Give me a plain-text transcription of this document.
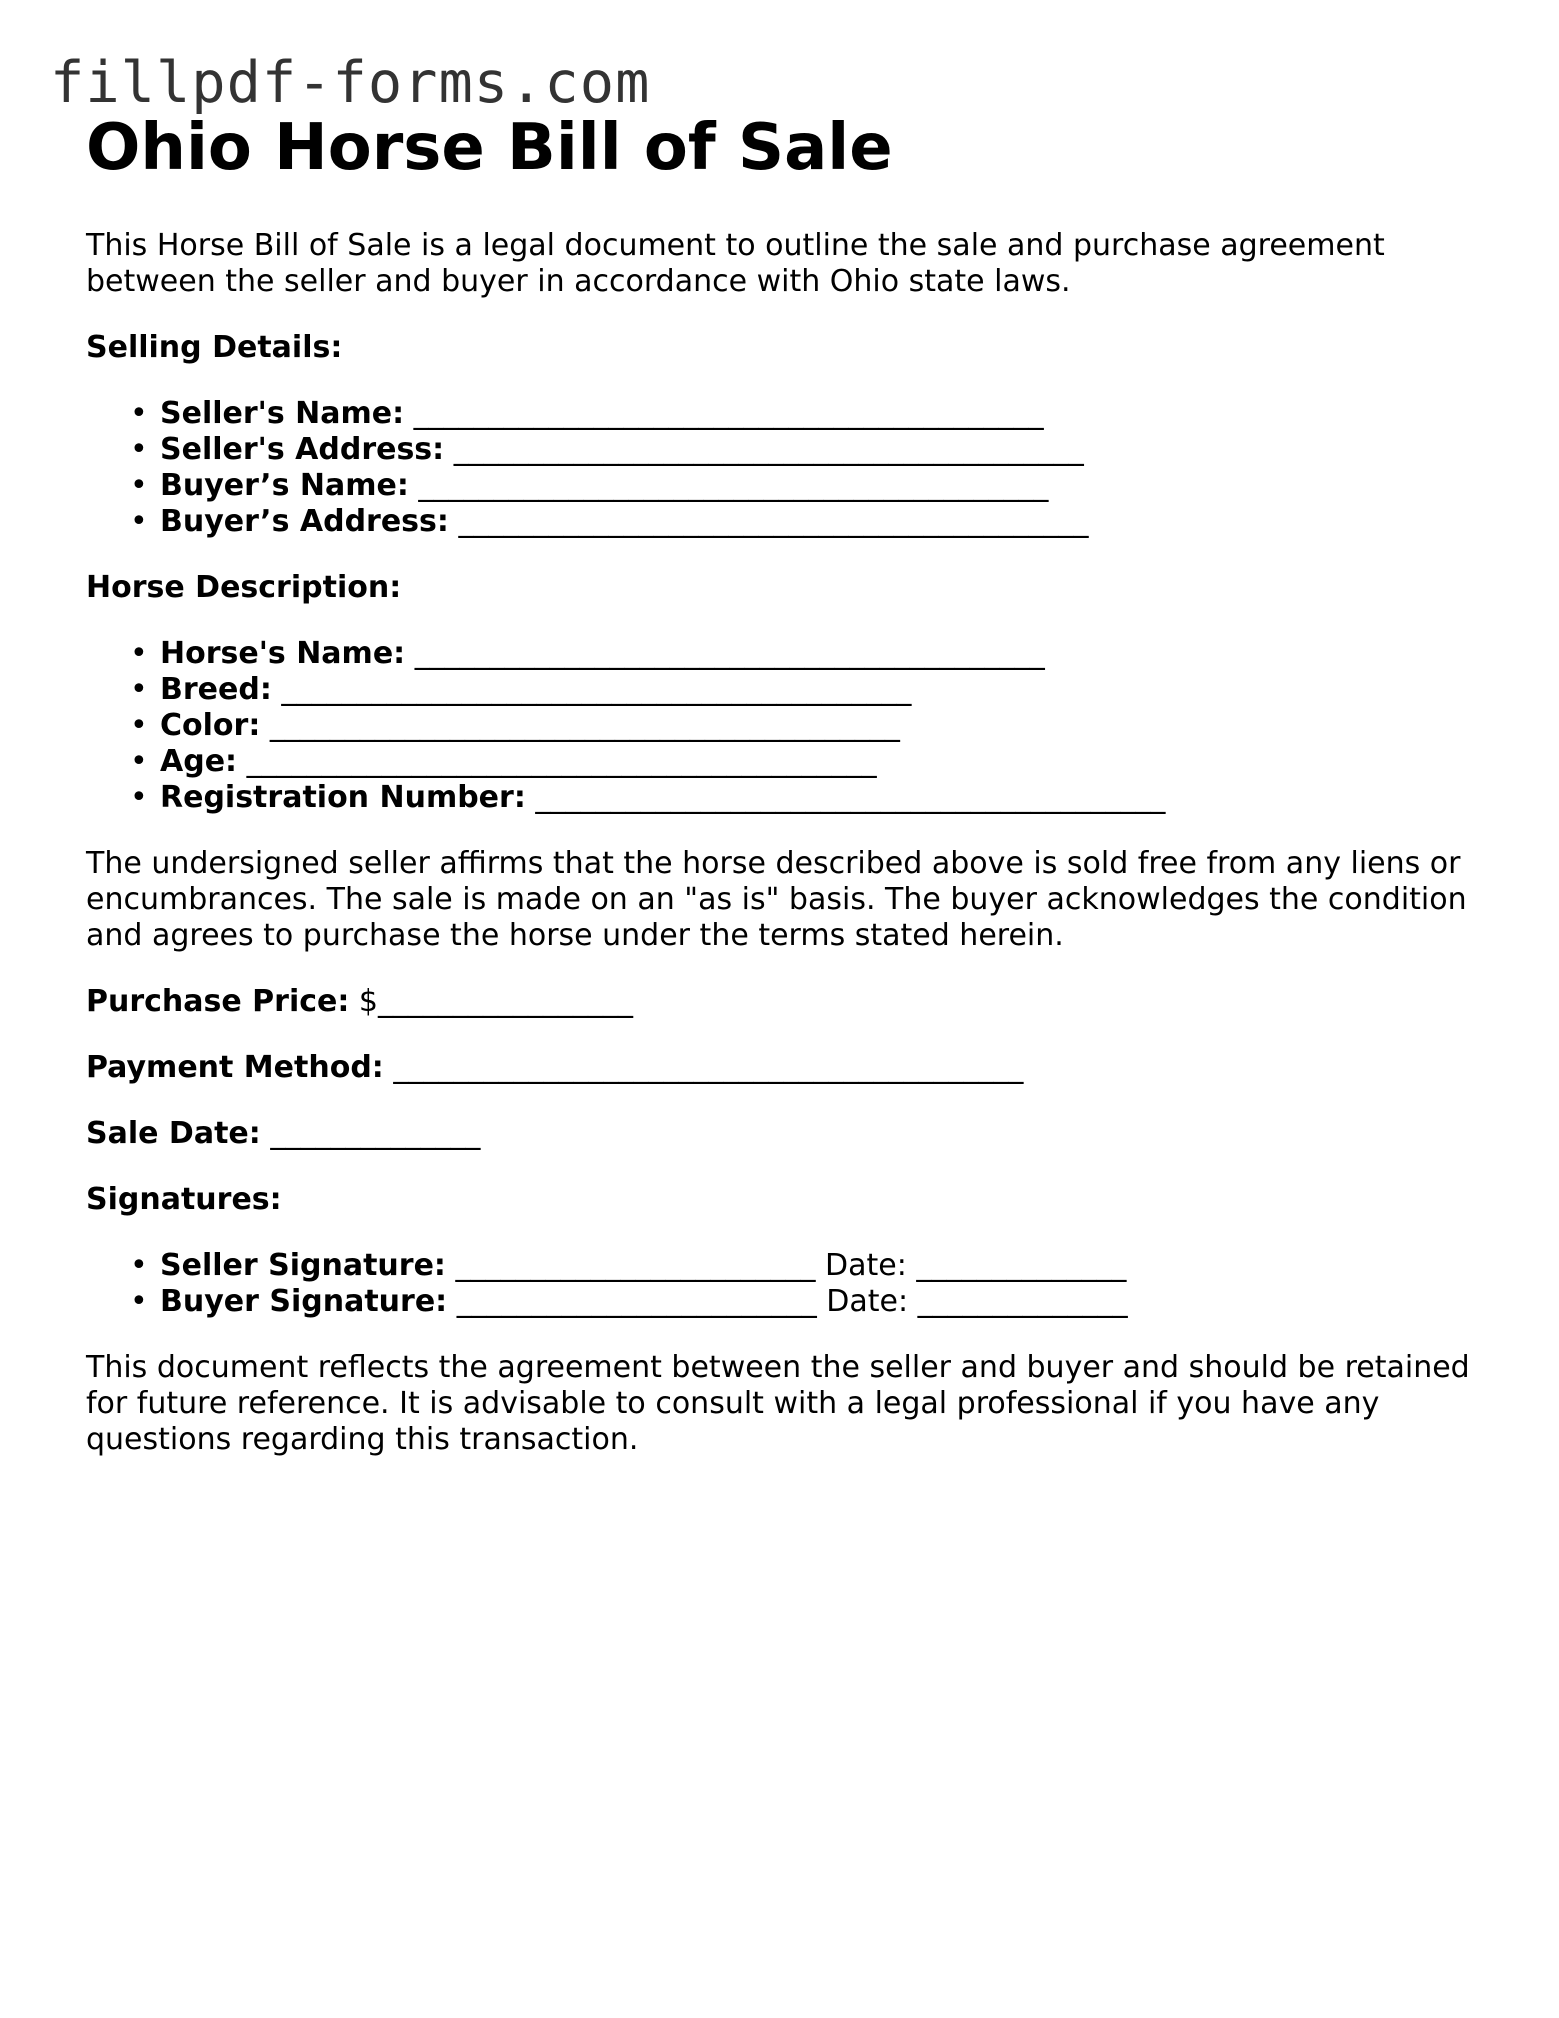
fillpdf-forms.com
Ohio Horse Bill of Sale

This Horse Bill of Sale is a legal document to outline the sale and purchase agreement between the seller and buyer in accordance with Ohio state laws.

Selling Details:

• Seller's Name: __________________________________________
• Seller's Address: __________________________________________
• Buyer’s Name: __________________________________________
• Buyer’s Address: __________________________________________

Horse Description:

• Horse's Name: __________________________________________
• Breed: __________________________________________
• Color: __________________________________________
• Age: __________________________________________
• Registration Number: __________________________________________

The undersigned seller affirms that the horse described above is sold free from any liens or encumbrances. The sale is made on an "as is" basis. The buyer acknowledges the condition and agrees to purchase the horse under the terms stated herein.

Purchase Price: $_________________

Payment Method: __________________________________________

Sale Date: ______________

Signatures:

• Seller Signature: ________________________ Date: ______________
• Buyer Signature: ________________________ Date: ______________

This document reflects the agreement between the seller and buyer and should be retained for future reference. It is advisable to consult with a legal professional if you have any questions regarding this transaction.
